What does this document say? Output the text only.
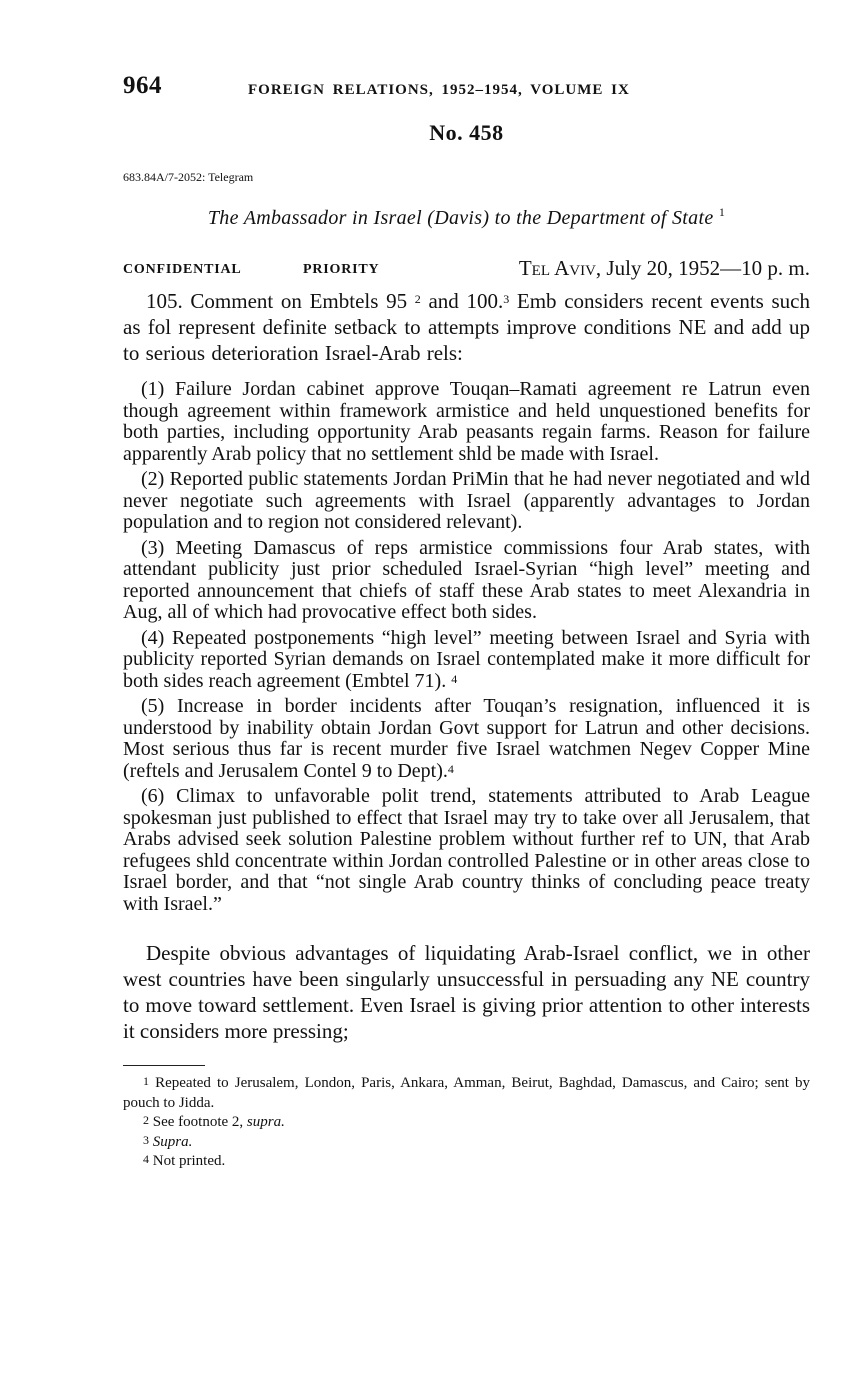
964	FOREIGN RELATIONS, 1952–1954, VOLUME IX
No. 458
683.84A/7-2052: Telegram
The Ambassador in Israel (Davis) to the Department of State $^1$
CONFIDENTIAL	PRIORITY	Tel Aviv, July 20, 1952—10 p. m.

105. Comment on Embtels 95 $^2$ and 100.$^3$ Emb considers recent events such as fol represent definite setback to attempts improve conditions NE and add up to serious deterioration Israel-Arab rels:

(1) Failure Jordan cabinet approve Touqan–Ramati agreement re Latrun even though agreement within framework armistice and held unquestioned benefits for both parties, including opportunity Arab peasants regain farms. Reason for failure apparently Arab policy that no settlement shld be made with Israel.

(2) Reported public statements Jordan PriMin that he had never negotiated and wld never negotiate such agreements with Israel (apparently advantages to Jordan population and to region not considered relevant).

(3) Meeting Damascus of reps armistice commissions four Arab states, with attendant publicity just prior scheduled Israel-Syrian “high level” meeting and reported announcement that chiefs of staff these Arab states to meet Alexandria in Aug, all of which had provocative effect both sides.

(4) Repeated postponements “high level” meeting between Israel and Syria with publicity reported Syrian demands on Israel contemplated make it more difficult for both sides reach agreement (Embtel 71). $^4$

(5) Increase in border incidents after Touqan’s resignation, influenced it is understood by inability obtain Jordan Govt support for Latrun and other decisions. Most serious thus far is recent murder five Israel watchmen Negev Copper Mine (reftels and Jerusalem Contel 9 to Dept).$^4$

(6) Climax to unfavorable polit trend, statements attributed to Arab League spokesman just published to effect that Israel may try to take over all Jerusalem, that Arabs advised seek solution Palestine problem without further ref to UN, that Arab refugees shld concentrate within Jordan controlled Palestine or in other areas close to Israel border, and that “not single Arab country thinks of concluding peace treaty with Israel.”

Despite obvious advantages of liquidating Arab-Israel conflict, we in other west countries have been singularly unsuccessful in persuading any NE country to move toward settlement. Even Israel is giving prior attention to other interests it considers more pressing;

$^1$ Repeated to Jerusalem, London, Paris, Ankara, Amman, Beirut, Baghdad, Damascus, and Cairo; sent by pouch to Jidda.
$^2$ See footnote 2, supra.
$^3$ Supra.
$^4$ Not printed.
